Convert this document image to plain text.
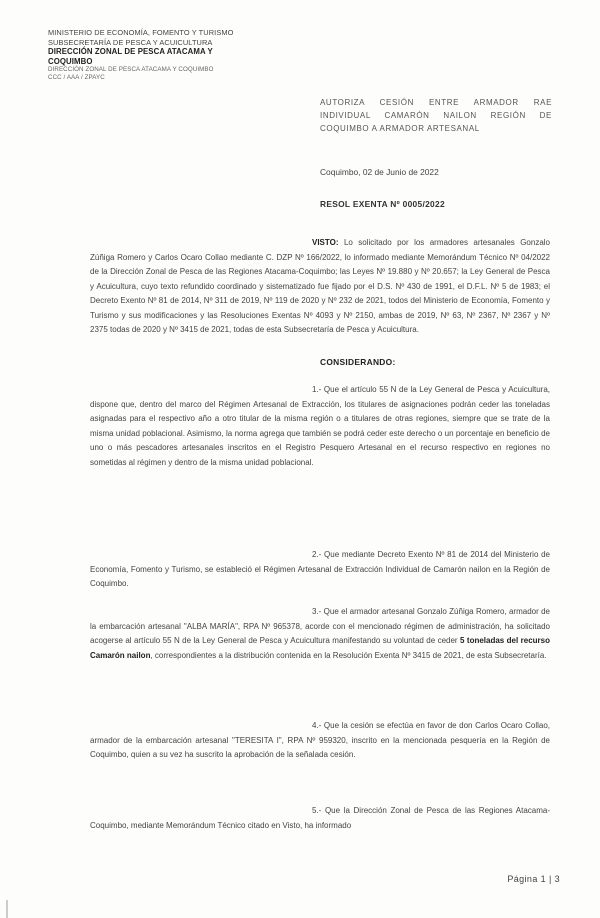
MINISTERIO DE ECONOMÍA, FOMENTO Y TURISMO
SUBSECRETARÍA DE PESCA Y ACUICULTURA
DIRECCIÓN ZONAL DE PESCA ATACAMA Y
COQUIMBO
DIRECCIÓN ZONAL DE PESCA ATACAMA Y COQUIMBO
CCC / AAA / ZPAYC
AUTORIZA CESIÓN ENTRE ARMADOR RAE INDIVIDUAL CAMARÓN NAILON REGIÓN DE COQUIMBO A ARMADOR ARTESANAL
Coquimbo, 02 de Junio de 2022
RESOL EXENTA Nº 0005/2022
VISTO: Lo solicitado por los armadores artesanales Gonzalo Zúñiga Romero y Carlos Ocaro Collao mediante C. DZP Nº 166/2022, lo informado mediante Memorándum Técnico Nº 04/2022 de la Dirección Zonal de Pesca de las Regiones Atacama-Coquimbo; las Leyes Nº 19.880 y Nº 20.657; la Ley General de Pesca y Acuicultura, cuyo texto refundido coordinado y sistematizado fue fijado por el D.S. Nº 430 de 1991, el D.F.L. Nº 5 de 1983; el Decreto Exento Nº 81 de 2014, Nº 311 de 2019, Nº 119 de 2020 y Nº 232 de 2021, todos del Ministerio de Economía, Fomento y Turismo y sus modificaciones y las Resoluciones Exentas Nº 4093 y Nº 2150, ambas de 2019, Nº 63, Nº 2367, Nº 2367 y Nº 2375 todas de 2020 y Nº 3415 de 2021, todas de esta Subsecretaría de Pesca y Acuicultura.
CONSIDERANDO:
1.- Que el artículo 55 N de la Ley General de Pesca y Acuicultura, dispone que, dentro del marco del Régimen Artesanal de Extracción, los titulares de asignaciones podrán ceder las toneladas asignadas para el respectivo año a otro titular de la misma región o a titulares de otras regiones, siempre que se trate de la misma unidad poblacional. Asimismo, la norma agrega que también se podrá ceder este derecho o un porcentaje en beneficio de uno o más pescadores artesanales inscritos en el Registro Pesquero Artesanal en el recurso respectivo en regiones no sometidas al régimen y dentro de la misma unidad poblacional.
2.- Que mediante Decreto Exento Nº 81 de 2014 del Ministerio de Economía, Fomento y Turismo, se estableció el Régimen Artesanal de Extracción Individual de Camarón nailon en la Región de Coquimbo.
3.- Que el armador artesanal Gonzalo Zúñiga Romero, armador de la embarcación artesanal "ALBA MARÍA", RPA Nº 965378, acorde con el mencionado régimen de administración, ha solicitado acogerse al artículo 55 N de la Ley General de Pesca y Acuicultura manifestando su voluntad de ceder 5 toneladas del recurso Camarón nailon, correspondientes a la distribución contenida en la Resolución Exenta Nº 3415 de 2021, de esta Subsecretaría.
4.- Que la cesión se efectúa en favor de don Carlos Ocaro Collao, armador de la embarcación artesanal "TERESITA I", RPA Nº 959320, inscrito en la mencionada pesquería en la Región de Coquimbo, quien a su vez ha suscrito la aprobación de la señalada cesión.
5.- Que la Dirección Zonal de Pesca de las Regiones Atacama-Coquimbo, mediante Memorándum Técnico citado en Visto, ha informado
Página 1 | 3
